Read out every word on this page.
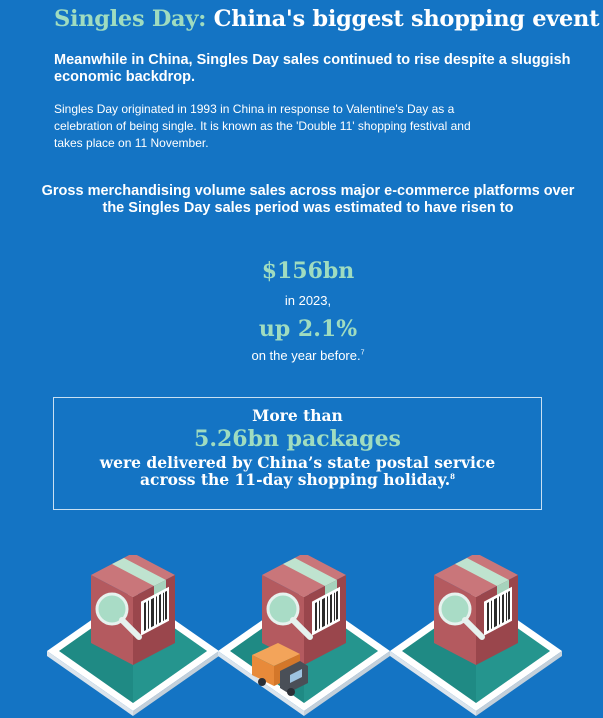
Singles Day: China's biggest shopping event
Meanwhile in China, Singles Day sales continued to rise despite a sluggish economic backdrop.
Singles Day originated in 1993 in China in response to Valentine's Day as a celebration of being single. It is known as the 'Double 11' shopping festival and takes place on 11 November.
Gross merchandising volume sales across major e-commerce platforms over the Singles Day sales period was estimated to have risen to
$156bn
in 2023,
up 2.1%
on the year before.$^7$
More than
5.26bn packages
were delivered by China’s state postal service
across the 11-day shopping holiday.$^8$
